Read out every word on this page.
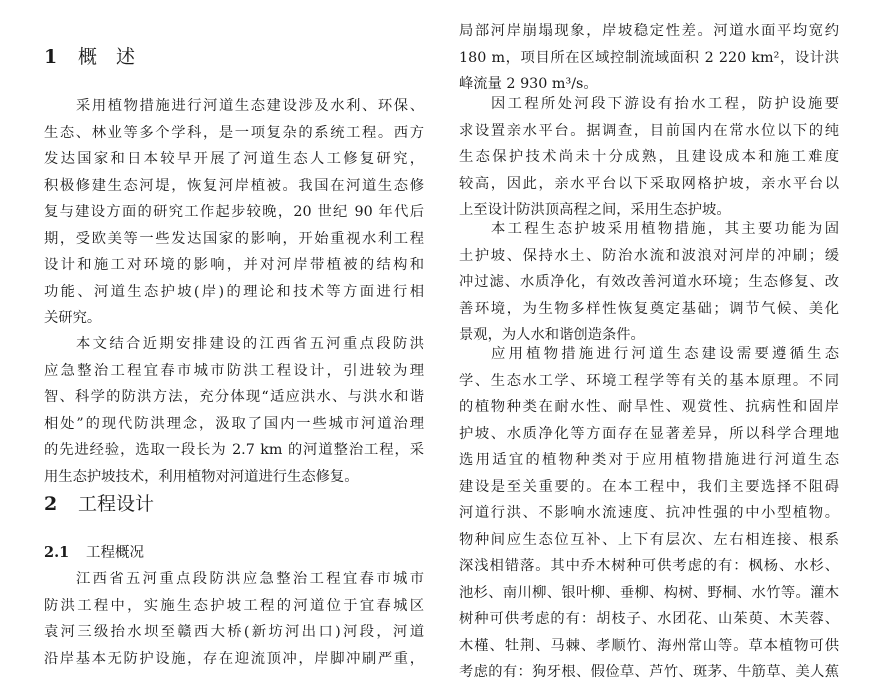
1 概　述
采用植物措施进行河道生态建设涉及水利、环保、
生态、林业等多个学科，是一项复杂的系统工程。西方
发达国家和日本较早开展了河道生态人工修复研究，
积极修建生态河堤，恢复河岸植被。我国在河道生态修
复与建设方面的研究工作起步较晚，20 世纪 90 年代后
期，受欧美等一些发达国家的影响，开始重视水利工程
设计和施工对环境的影响，并对河岸带植被的结构和
功能、河道生态护坡(岸)的理论和技术等方面进行相
关研究。
本文结合近期安排建设的江西省五河重点段防洪
应急整治工程宜春市城市防洪工程设计，引进较为理
智、科学的防洪方法，充分体现“适应洪水、与洪水和谐
相处”的现代防洪理念，汲取了国内一些城市河道治理
的先进经验，选取一段长为 2.7 km 的河道整治工程，采
用生态护坡技术，利用植物对河道进行生态修复。
2 工程设计
2.1 工程概况
江西省五河重点段防洪应急整治工程宜春市城市
防洪工程中，实施生态护坡工程的河道位于宜春城区
袁河三级抬水坝至赣西大桥(新坊河出口)河段，河道
沿岸基本无防护设施，存在迎流顶冲，岸脚冲刷严重，
局部河岸崩塌现象，岸坡稳定性差。河道水面平均宽约
180 m，项目所在区域控制流域面积 2 220 km²，设计洪
峰流量 2 930 m³/s。
因工程所处河段下游设有抬水工程，防护设施要
求设置亲水平台。据调查，目前国内在常水位以下的纯
生态保护技术尚未十分成熟，且建设成本和施工难度
较高，因此，亲水平台以下采取网格护坡，亲水平台以
上至设计防洪顶高程之间，采用生态护坡。
本工程生态护坡采用植物措施，其主要功能为固
土护坡、保持水土、防治水流和波浪对河岸的冲刷；缓
冲过滤、水质净化，有效改善河道水环境；生态修复、改
善环境，为生物多样性恢复奠定基础；调节气候、美化
景观，为人水和谐创造条件。
应用植物措施进行河道生态建设需要遵循生态
学、生态水工学、环境工程学等有关的基本原理。不同
的植物种类在耐水性、耐旱性、观赏性、抗病性和固岸
护坡、水质净化等方面存在显著差异，所以科学合理地
选用适宜的植物种类对于应用植物措施进行河道生态
建设是至关重要的。在本工程中，我们主要选择不阻碍
河道行洪、不影响水流速度、抗冲性强的中小型植物。
物种间应生态位互补、上下有层次、左右相连接、根系
深浅相错落。其中乔木树种可供考虑的有：枫杨、水杉、
池杉、南川柳、银叶柳、垂柳、构树、野桐、水竹等。灌木
树种可供考虑的有：胡枝子、水团花、山茱萸、木芙蓉、
木槿、牡荆、马棘、孝顺竹、海州常山等。草本植物可供
考虑的有：狗牙根、假俭草、芦竹、斑茅、牛筋草、美人蕉
